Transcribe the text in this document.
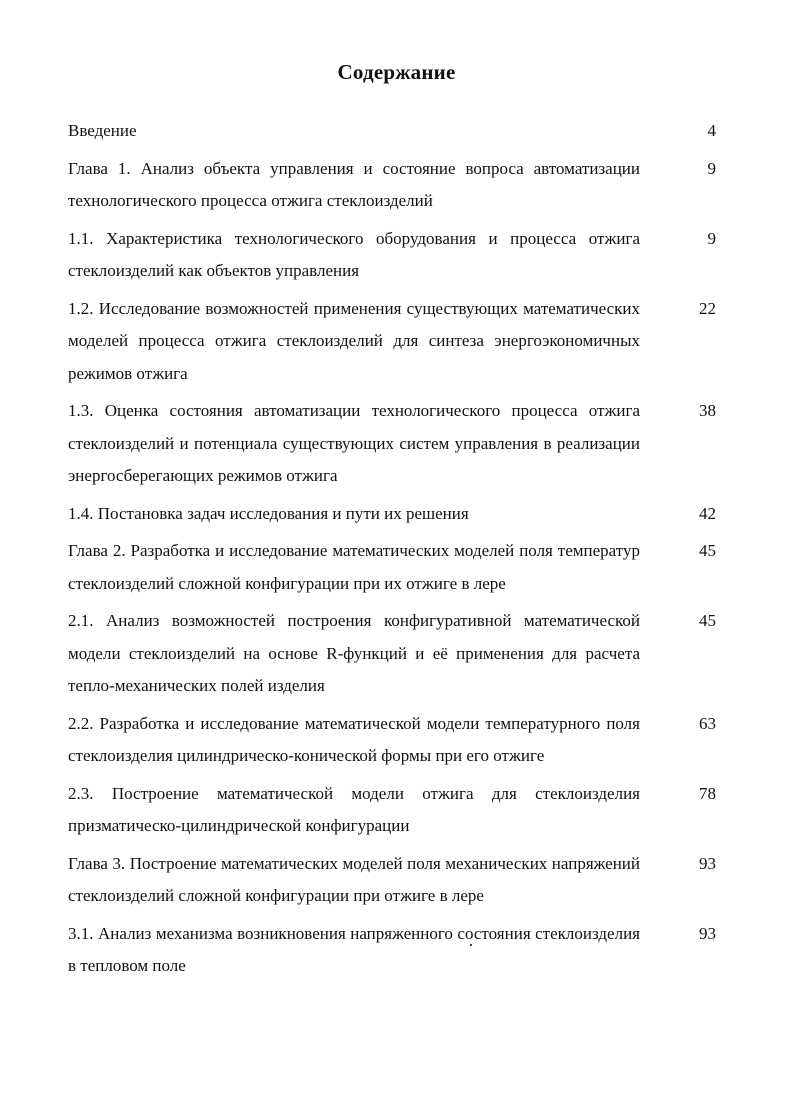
Содержание
Введение	4
Глава 1. Анализ объекта управления и состояние вопроса автоматизации технологического процесса отжига стеклоизделий
9
1.1. Характеристика технологического оборудования и процесса отжига стеклоизделий как объектов управления
9
1.2. Исследование возможностей применения существующих математических моделей процесса отжига стеклоизделий для синтеза энергоэкономичных режимов отжига
22
1.3. Оценка состояния автоматизации технологического процесса отжига стеклоизделий и потенциала существующих систем управления в реализации энергосберегающих режимов отжига
38
1.4. Постановка задач исследования и пути их решения	42
Глава 2. Разработка и исследование математических моделей поля температур стеклоизделий сложной конфигурации при их отжиге в лере
45
2.1. Анализ возможностей построения конфигуративной математической модели стеклоизделий на основе R-функций и её применения для расчета тепло-механических полей изделия
45
2.2. Разработка и исследование математической модели температурного поля стеклоизделия цилиндрическо-конической формы при его отжиге
63
2.3. Построение математической модели отжига для стеклоизделия призматическо-цилиндрической конфигурации
78
Глава 3. Построение математических моделей поля механических напряжений стеклоизделий сложной конфигурации при отжиге в лере
93
3.1. Анализ механизма возникновения напряженного состояния стеклоизделия в тепловом поле
93
